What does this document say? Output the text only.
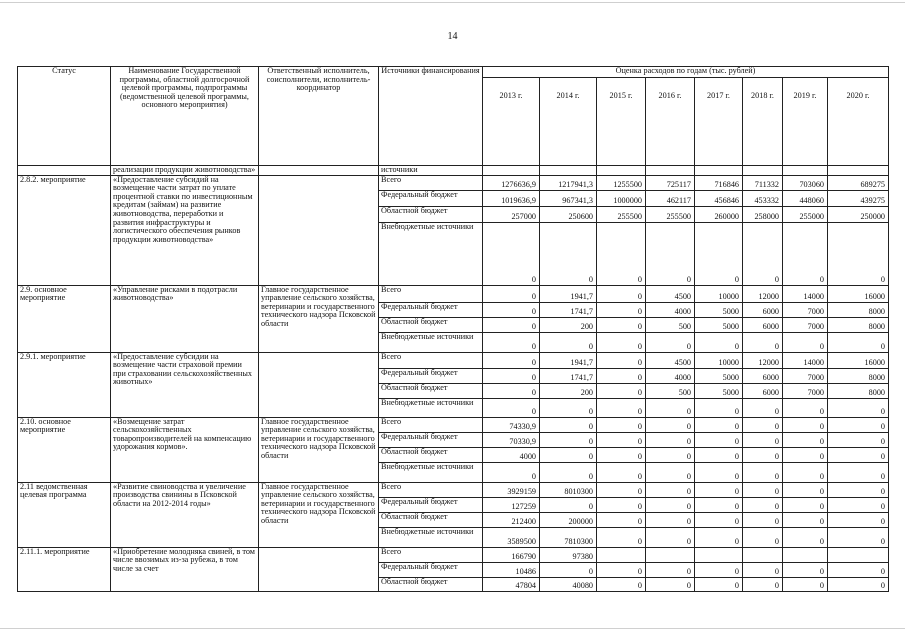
14
Статус	Наименование Государственной программы, областной долгосрочной целевой программы, подпрограммы (ведомственной целевой программы, основного мероприятия)	Ответственный исполнитель, соисполнители, исполнитель-координатор	Источники финансирования	Оценка расходов по годам (тыс. рублей)							
				2013 г.	2014 г.	2015 г.	2016 г.	2017 г.	2018 г.	2019 г.	2020 г.
	реализации продукции животноводства»		источники								
2.8.2. мероприятие	«Предоставление субсидий на возмещение части затрат по уплате процентной ставки по инвестиционным кредитам (займам) на развитие животноводства, переработки и развития инфраструктуры и логистического обеспечения рынков продукции животноводства»		Всего	1276636,9	1217941,3	1255500	725117	716846	711332	703060	689275
			Федеральный бюджет	1019636,9	967341,3	1000000	462117	456846	453332	448060	439275
			Областной бюджет	257000	250600	255500	255500	260000	258000	255000	250000
			Внебюджетные источники	0	0	0	0	0	0	0	0
2.9. основное мероприятие	«Управление рисками в подотрасли животноводства»	Главное государственное управление сельского хозяйства, ветеринарии и государственного технического надзора Псковской области	Всего	0	1941,7	0	4500	10000	12000	14000	16000
			Федеральный бюджет	0	1741,7	0	4000	5000	6000	7000	8000
			Областной бюджет	0	200	0	500	5000	6000	7000	8000
			Внебюджетные источники	0	0	0	0	0	0	0	0
2.9.1. мероприятие	«Предоставление субсидии на возмещение части страховой премии при страховании сельскохозяйственных животных»		Всего	0	1941,7	0	4500	10000	12000	14000	16000
			Федеральный бюджет	0	1741,7	0	4000	5000	6000	7000	8000
			Областной бюджет	0	200	0	500	5000	6000	7000	8000
			Внебюджетные источники	0	0	0	0	0	0	0	0
2.10. основное мероприятие	«Возмещение затрат сельскохозяйственных товаропроизводителей на компенсацию удорожания кормов».	Главное государственное управление сельского хозяйства, ветеринарии и государственного технического надзора Псковской области	Всего	74330,9	0	0	0	0	0	0	0
			Федеральный бюджет	70330,9	0	0	0	0	0	0	0
			Областной бюджет	4000	0	0	0	0	0	0	0
			Внебюджетные источники	0	0	0	0	0	0	0	0
2.11 ведомственная целевая программа	«Развитие свиноводства и увеличение производства свинины в Псковской области на 2012-2014 годы»	Главное государственное управление сельского хозяйства, ветеринарии и государственного технического надзора Псковской области	Всего	3929159	8010300	0	0	0	0	0	0
			Федеральный бюджет	127259	0	0	0	0	0	0	0
			Областной бюджет	212400	200000	0	0	0	0	0	0
			Внебюджетные источники	3589500	7810300	0	0	0	0	0	0
2.11.1. мероприятие	«Приобретение молодняка свиней, в том числе ввозимых из-за рубежа, в том числе за счет		Всего	166790	97380						
			Федеральный бюджет	10486	0	0	0	0	0	0	0
			Областной бюджет	47804	40080	0	0	0	0	0	0
